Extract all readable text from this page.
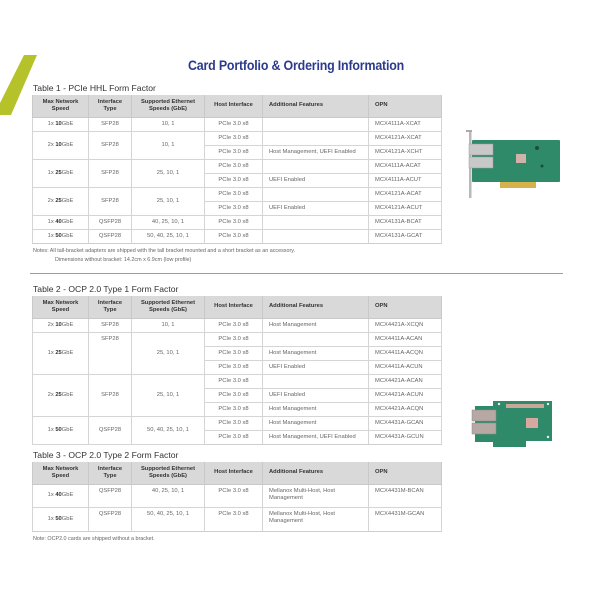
Card Portfolio & Ordering Information
Table 1 - PCIe HHL Form Factor
Max Network Speed	Interface Type	Supported Ethernet Speeds (GbE)	Host Interface	Additional Features	OPN
1x 10GbE	SFP28	10, 1	PCIe 3.0 x8		MCX4111A-XCAT
2x 10GbE	SFP28	10, 1	PCIe 3.0 x8		MCX4121A-XCAT
			PCIe 3.0 x8	Host Management, UEFI Enabled	MCX4121A-XCHT
1x 25GbE	SFP28	25, 10, 1	PCIe 3.0 x8		MCX4111A-ACAT
			PCIe 3.0 x8	UEFI Enabled	MCX4111A-ACUT
2x 25GbE	SFP28	25, 10, 1	PCIe 3.0 x8		MCX4121A-ACAT
			PCIe 3.0 x8	UEFI Enabled	MCX4121A-ACUT
1x 40GbE	QSFP28	40, 25, 10, 1	PCIe 3.0 x8		MCX4131A-BCAT
1x 50GbE	QSFP28	50, 40, 25, 10, 1	PCIe 3.0 x8		MCX4131A-GCAT
Notes: All tall-bracket adapters are shipped with the tall bracket mounted and a short bracket as an accessory.
Dimensions without bracket: 14.2cm x 6.9cm (low profile)
Table 2 - OCP 2.0 Type 1 Form Factor
Max Network Speed	Interface Type	Supported Ethernet Speeds (GbE)	Host Interface	Additional Features	OPN
2x 10GbE	SFP28	10, 1	PCIe 3.0 x8	Host Management	MCX4421A-XCQN
1x 25GbE	SFP28	25, 10, 1	PCIe 3.0 x8		MCX4411A-ACAN
			PCIe 3.0 x8	Host Management	MCX4411A-ACQN
			PCIe 3.0 x8	UEFI Enabled	MCX4411A-ACUN
2x 25GbE	SFP28	25, 10, 1	PCIe 3.0 x8		MCX4421A-ACAN
			PCIe 3.0 x8	UEFI Enabled	MCX4421A-ACUN
			PCIe 3.0 x8	Host Management	MCX4421A-ACQN
1x 50GbE	QSFP28	50, 40, 25, 10, 1	PCIe 3.0 x8	Host Management	MCX4431A-GCAN
			PCIe 3.0 x8	Host Management, UEFI Enabled	MCX4431A-GCUN
Table 3 - OCP 2.0 Type 2 Form Factor
Max Network Speed	Interface Type	Supported Ethernet Speeds (GbE)	Host Interface	Additional Features	OPN
1x 40GbE	QSFP28	40, 25, 10, 1	PCIe 3.0 x8	Mellanox Multi-Host, Host Management	MCX4431M-BCAN
1x 50GbE	QSFP28	50, 40, 25, 10, 1	PCIe 3.0 x8	Mellanox Multi-Host, Host Management	MCX4431M-GCAN
Note: OCP2.0 cards are shipped without a bracket.
